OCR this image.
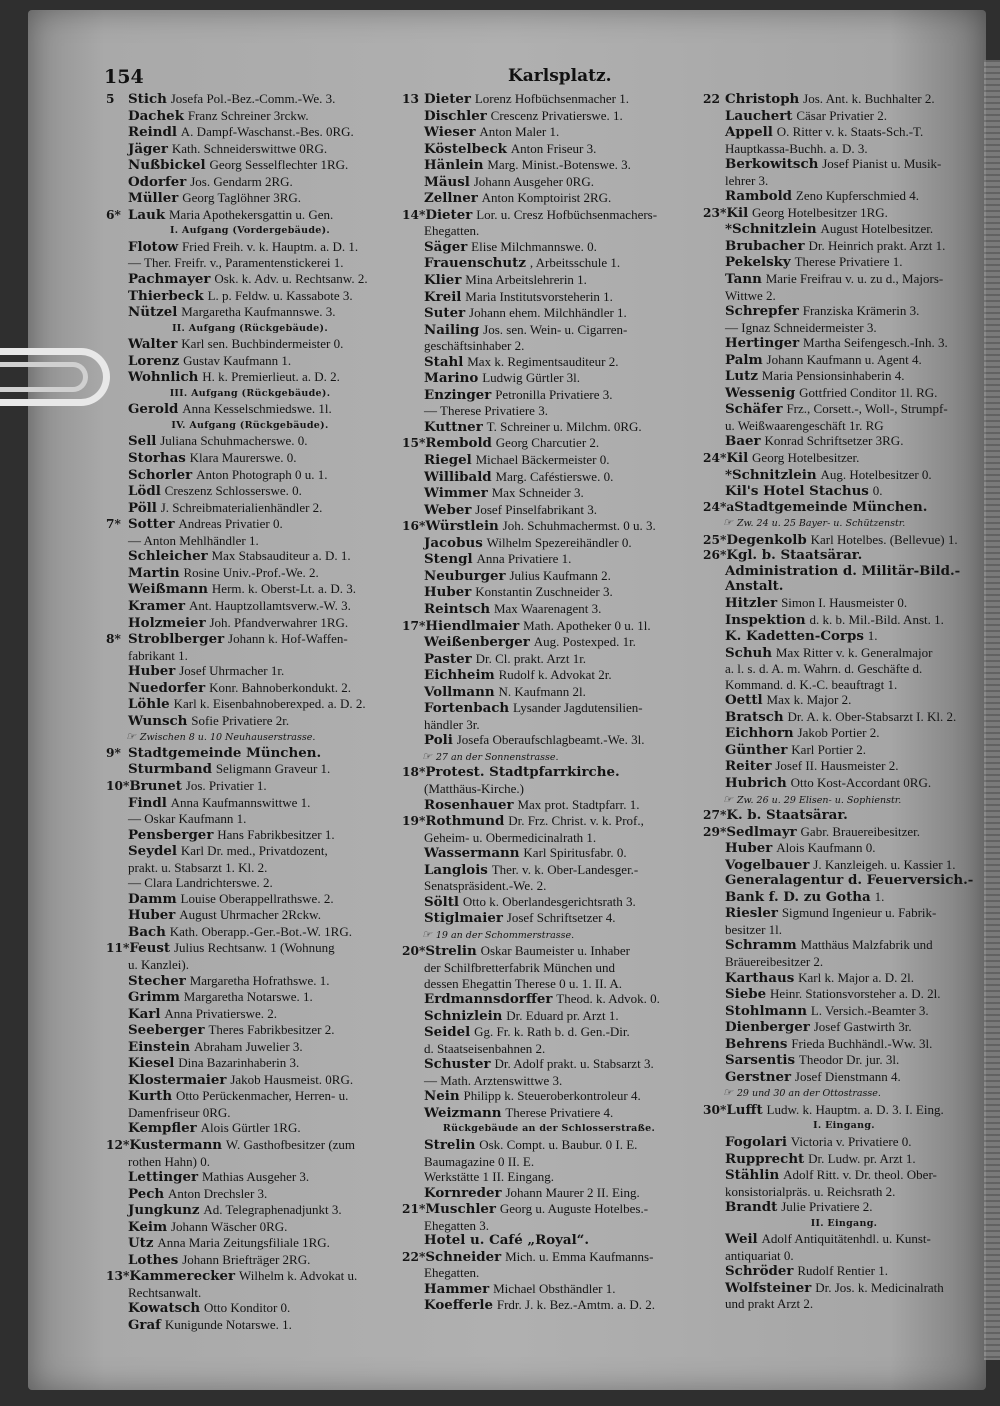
154	Karlsplatz.
5 Stich Josefa Pol.-Bez.-Comm.-We. 3.
Dachek Franz Schreiner 3rckw.
Reindl A. Dampf-Waschanst.-Bes. 0RG.
Jäger Kath. Schneiderswittwe 0RG.
Nußbickel Georg Sesselflechter 1RG.
Odorfer Jos. Gendarm 2RG.
Müller Georg Taglöhner 3RG.
6* Lauk Maria Apothekersgattin u. Gen.
I. Aufgang (Vordergebäude).
Flotow Fried Freih. v. k. Hauptm. a. D. 1.
— Ther. Freifr. v., Paramentenstickerei 1.
Pachmayer Osk. k. Adv. u. Rechtsanw. 2.
Thierbeck L. p. Feldw. u. Kassabote 3.
Nützel Margaretha Kaufmannswe. 3.
II. Aufgang (Rückgebäude).
Walter Karl sen. Buchbindermeister 0.
Lorenz Gustav Kaufmann 1.
Wohnlich H. k. Premierlieut. a. D. 2.
III. Aufgang (Rückgebäude).
Gerold Anna Kesselschmiedswe. 1l.
IV. Aufgang (Rückgebäude).
Sell Juliana Schuhmacherswe. 0.
Storhas Klara Maurerswe. 0.
Schorler Anton Photograph 0 u. 1.
Lödl Creszenz Schlosserswe. 0.
Pöll J. Schreibmaterialienhändler 2.
7* Sotter Andreas Privatier 0.
— Anton Mehlhändler 1.
Schleicher Max Stabsauditeur a. D. 1.
Martin Rosine Univ.-Prof.-We. 2.
Weißmann Herm. k. Oberst-Lt. a. D. 3.
Kramer Ant. Hauptzollamtsverw.-W. 3.
Holzmeier Joh. Pfandverwahrer 1RG.
8* Stroblberger Johann k. Hof-Waffen-
fabrikant 1.
Huber Josef Uhrmacher 1r.
Nuedorfer Konr. Bahnoberkondukt. 2.
Löhle Karl k. Eisenbahnoberexped. a. D. 2.
Wunsch Sofie Privatiere 2r.
☞ Zwischen 8 u. 10 Neuhauserstrasse.
9* Stadtgemeinde München.
Sturmband Seligmann Graveur 1.
10*Brunet Jos. Privatier 1.
Findl Anna Kaufmannswittwe 1.
— Oskar Kaufmann 1.
Pensberger Hans Fabrikbesitzer 1.
Seydel Karl Dr. med., Privatdozent,
prakt. u. Stabsarzt 1. Kl. 2.
— Clara Landrichterswe. 2.
Damm Louise Oberappellrathswe. 2.
Huber August Uhrmacher 2Rckw.
Bach Kath. Oberapp.-Ger.-Bot.-W. 1RG.
11*Feust Julius Rechtsanw. 1 (Wohnung
u. Kanzlei).
Stecher Margaretha Hofrathswe. 1.
Grimm Margaretha Notarswe. 1.
Karl Anna Privatierswe. 2.
Seeberger Theres Fabrikbesitzer 2.
Einstein Abraham Juwelier 3.
Kiesel Dina Bazarinhaberin 3.
Klostermaier Jakob Hausmeist. 0RG.
Kurth Otto Perückenmacher, Herren- u.
Damenfriseur 0RG.
Kempfler Alois Gürtler 1RG.
12*Kustermann W. Gasthofbesitzer (zum
rothen Hahn) 0.
Lettinger Mathias Ausgeher 3.
Pech Anton Drechsler 3.
Jungkunz Ad. Telegraphenadjunkt 3.
Keim Johann Wäscher 0RG.
Utz Anna Maria Zeitungsfiliale 1RG.
Lothes Johann Briefträger 2RG.
13*Kammerecker Wilhelm k. Advokat u.
Rechtsanwalt.
Kowatsch Otto Konditor 0.
Graf Kunigunde Notarswe. 1.
13 Dieter Lorenz Hofbüchsenmacher 1.
Dischler Crescenz Privatierswe. 1.
Wieser Anton Maler 1.
Köstelbeck Anton Friseur 3.
Hänlein Marg. Minist.-Botenswe. 3.
Mäusl Johann Ausgeher 0RG.
Zellner Anton Komptoirist 2RG.
14*Dieter Lor. u. Cresz Hofbüchsenmachers-
Ehegatten.
Säger Elise Milchmannswe. 0.
Frauenschutz , Arbeitsschule 1.
Klier Mina Arbeitslehrerin 1.
Kreil Maria Institutsvorsteherin 1.
Suter Johann ehem. Milchhändler 1.
Nailing Jos. sen. Wein- u. Cigarren-
geschäftsinhaber 2.
Stahl Max k. Regimentsauditeur 2.
Marino Ludwig Gürtler 3l.
Enzinger Petronilla Privatiere 3.
— Therese Privatiere 3.
Kuttner T. Schreiner u. Milchm. 0RG.
15*Rembold Georg Charcutier 2.
Riegel Michael Bäckermeister 0.
Willibald Marg. Caféstierswe. 0.
Wimmer Max Schneider 3.
Weber Josef Pinselfabrikant 3.
16*Würstlein Joh. Schuhmachermst. 0 u. 3.
Jacobus Wilhelm Spezereihändler 0.
Stengl Anna Privatiere 1.
Neuburger Julius Kaufmann 2.
Huber Konstantin Zuschneider 3.
Reintsch Max Waarenagent 3.
17*Hiendlmaier Math. Apotheker 0 u. 1l.
Weißenberger Aug. Postexped. 1r.
Paster Dr. Cl. prakt. Arzt 1r.
Eichheim Rudolf k. Advokat 2r.
Vollmann N. Kaufmann 2l.
Fortenbach Lysander Jagdutensilien-
händler 3r.
Poli Josefa Oberaufschlagbeamt.-We. 3l.
☞ 27 an der Sonnenstrasse.
18*Protest. Stadtpfarrkirche.
(Matthäus-Kirche.)
Rosenhauer Max prot. Stadtpfarr. 1.
19*Rothmund Dr. Frz. Christ. v. k. Prof.,
Geheim- u. Obermedicinalrath 1.
Wassermann Karl Spiritusfabr. 0.
Langlois Ther. v. k. Ober-Landesger.-
Senatspräsident.-We. 2.
Söltl Otto k. Oberlandesgerichtsrath 3.
Stiglmaier Josef Schriftsetzer 4.
☞ 19 an der Schommerstrasse.
20*Strelin Oskar Baumeister u. Inhaber
der Schilfbretterfabrik München und
dessen Ehegattin Therese 0 u. 1. II. A.
Erdmannsdorffer Theod. k. Advok. 0.
Schnizlein Dr. Eduard pr. Arzt 1.
Seidel Gg. Fr. k. Rath b. d. Gen.-Dir.
d. Staatseisenbahnen 2.
Schuster Dr. Adolf prakt. u. Stabsarzt 3.
— Math. Arztenswittwe 3.
Nein Philipp k. Steueroberkontroleur 4.
Weizmann Therese Privatiere 4.
Rückgebäude an der Schlosserstraße.
Strelin Osk. Compt. u. Baubur. 0 I. E.
Baumagazine 0 II. E.
Werkstätte 1 II. Eingang.
Kornreder Johann Maurer 2 II. Eing.
21*Muschler Georg u. Auguste Hotelbes.-
Ehegatten 3.
Hotel u. Café „Royal“.
22*Schneider Mich. u. Emma Kaufmanns-
Ehegatten.
Hammer Michael Obsthändler 1.
Koefferle Frdr. J. k. Bez.-Amtm. a. D. 2.
22 Christoph Jos. Ant. k. Buchhalter 2.
Lauchert Cäsar Privatier 2.
Appell O. Ritter v. k. Staats-Sch.-T.
Hauptkassa-Buchh. a. D. 3.
Berkowitsch Josef Pianist u. Musik-
lehrer 3.
Rambold Zeno Kupferschmied 4.
23*Kil Georg Hotelbesitzer 1RG.
*Schnitzlein August Hotelbesitzer.
Brubacher Dr. Heinrich prakt. Arzt 1.
Pekelsky Therese Privatiere 1.
Tann Marie Freifrau v. u. zu d., Majors-
Wittwe 2.
Schrepfer Franziska Krämerin 3.
— Ignaz Schneidermeister 3.
Hertinger Martha Seifengesch.-Inh. 3.
Palm Johann Kaufmann u. Agent 4.
Lutz Maria Pensionsinhaberin 4.
Wessenig Gottfried Conditor 1l. RG.
Schäfer Frz., Corsett.-, Woll-, Strumpf-
u. Weißwaarengeschäft 1r. RG
Baer Konrad Schriftsetzer 3RG.
24*Kil Georg Hotelbesitzer.
*Schnitzlein Aug. Hotelbesitzer 0.
Kil's Hotel Stachus 0.
24*aStadtgemeinde München.
☞ Zw. 24 u. 25 Bayer- u. Schützenstr.
25*Degenkolb Karl Hotelbes. (Bellevue) 1.
26*Kgl. b. Staatsärar.
Administration d. Militär-Bild.-
Anstalt.
Hitzler Simon I. Hausmeister 0.
Inspektion d. k. b. Mil.-Bild. Anst. 1.
K. Kadetten-Corps 1.
Schuh Max Ritter v. k. Generalmajor
a. l. s. d. A. m. Wahrn. d. Geschäfte d.
Kommand. d. K.-C. beauftragt 1.
Oettl Max k. Major 2.
Bratsch Dr. A. k. Ober-Stabsarzt I. Kl. 2.
Eichhorn Jakob Portier 2.
Günther Karl Portier 2.
Reiter Josef II. Hausmeister 2.
Hubrich Otto Kost-Accordant 0RG.
☞ Zw. 26 u. 29 Elisen- u. Sophienstr.
27*K. b. Staatsärar.
29*Sedlmayr Gabr. Brauereibesitzer.
Huber Alois Kaufmann 0.
Vogelbauer J. Kanzleigeh. u. Kassier 1.
Generalagentur d. Feuerversich.-
Bank f. D. zu Gotha 1.
Riesler Sigmund Ingenieur u. Fabrik-
besitzer 1l.
Schramm Matthäus Malzfabrik und
Bräuereibesitzer 2.
Karthaus Karl k. Major a. D. 2l.
Siebe Heinr. Stationsvorsteher a. D. 2l.
Stohlmann L. Versich.-Beamter 3.
Dienberger Josef Gastwirth 3r.
Behrens Frieda Buchhändl.-Ww. 3l.
Sarsentis Theodor Dr. jur. 3l.
Gerstner Josef Dienstmann 4.
☞ 29 und 30 an der Ottostrasse.
30*Lufft Ludw. k. Hauptm. a. D. 3. I. Eing.
I. Eingang.
Fogolari Victoria v. Privatiere 0.
Rupprecht Dr. Ludw. pr. Arzt 1.
Stählin Adolf Ritt. v. Dr. theol. Ober-
konsistorialpräs. u. Reichsrath 2.
Brandt Julie Privatiere 2.
II. Eingang.
Weil Adolf Antiquitätenhdl. u. Kunst-
antiquariat 0.
Schröder Rudolf Rentier 1.
Wolfsteiner Dr. Jos. k. Medicinalrath
und prakt Arzt 2.
